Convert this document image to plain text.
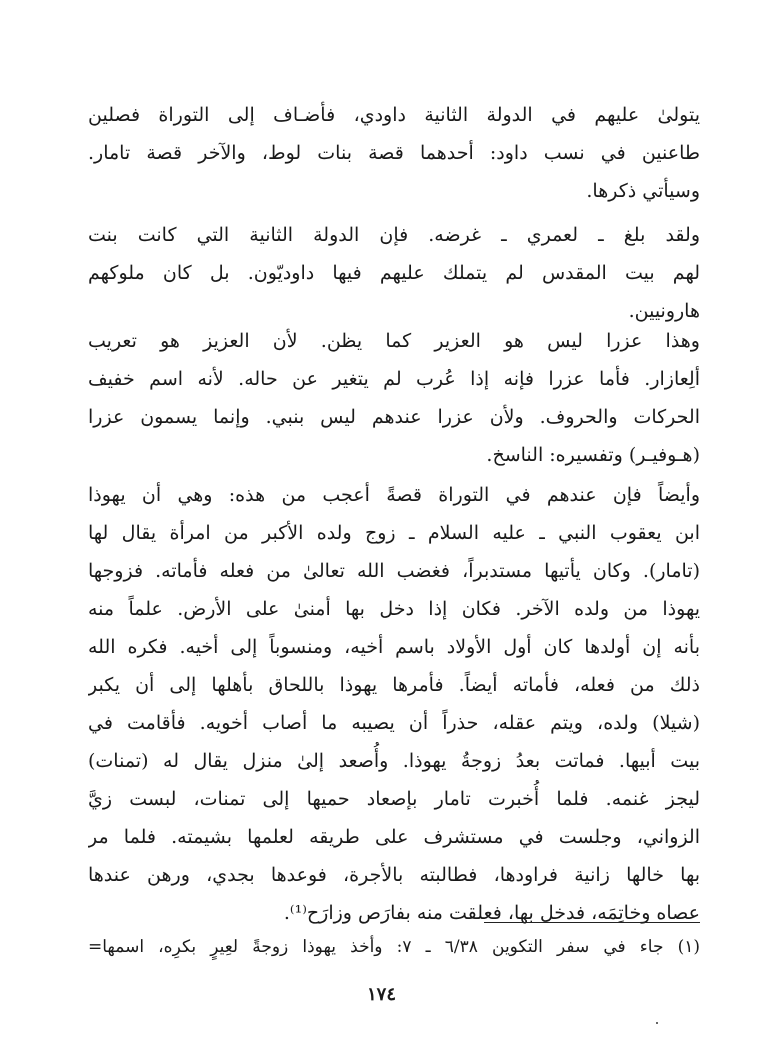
يتولىٰ عليهم في الدولة الثانية داودي، فأضـاف إلى التوراة فصلين
طاعنين في نسب داود: أحدهما قصة بنات لوط، والآخر قصة تامار.
وسيأتي ذكرها.
ولقد بلغ ـ لعمري ـ غرضه. فإن الدولة الثانية التي كانت بنت
لهم بيت المقدس لم يتملك عليهم فيها داوديّون. بل كان ملوكهم
هارونيين.
وهذا عزرا ليس هو العزير كما يظن. لأن العزيز هو تعريب
ألِعازار. فأما عزرا فإنه إذا عُرب لم يتغير عن حاله. لأنه اسم خفيف
الحركات والحروف. ولأن عزرا عندهم ليس بنبي. وإنما يسمون عزرا
(هـوفيـر) وتفسيره: الناسخ.
وأيضاً فإن عندهم في التوراة قصةً أعجب من هذه: وهي أن يهوذا
ابن يعقوب النبي ـ عليه السلام ـ زوج ولده الأكبر من امرأة يقال لها
(تامار). وكان يأتيها مستدبراً، فغضب الله تعالىٰ من فعله فأماته. فزوجها
يهوذا من ولده الآخر. فكان إذا دخل بها أمنىٰ على الأرض. علماً منه
بأنه إن أولدها كان أول الأولاد باسم أخيه، ومنسوباً إلى أخيه. فكره الله
ذلك من فعله، فأماته أيضاً. فأمرها يهوذا باللحاق بأهلها إلى أن يكبر
(شيلا) ولده، ويتم عقله، حذراً أن يصيبه ما أصاب أخويه. فأقامت في
بيت أبيها. فماتت بعدُ زوجةُ يهوذا. وأُصعد إلىٰ منزل يقال له (تمنات)
ليجز غنمه. فلما أُخبرت تامار بإصعاد حميها إلى تمنات، لبست زيَّ
الزواني، وجلست في مستشرف على طريقه لعلمها بشيمته. فلما مر
بها خالها زانية فراودها، فطالبته بالأجرة، فوعدها بجدي، ورهن عندها
عصاه وخاتِمَه، فدخل بها، فعلقت منه بفارَص وزارَح⁽¹⁾.
(١) جاء في سفر التكوين ٦/٣٨ ـ ٧: وأخذ يهوذا زوجةً لعِيرٍ بكرِه، اسمها=
١٧٤
